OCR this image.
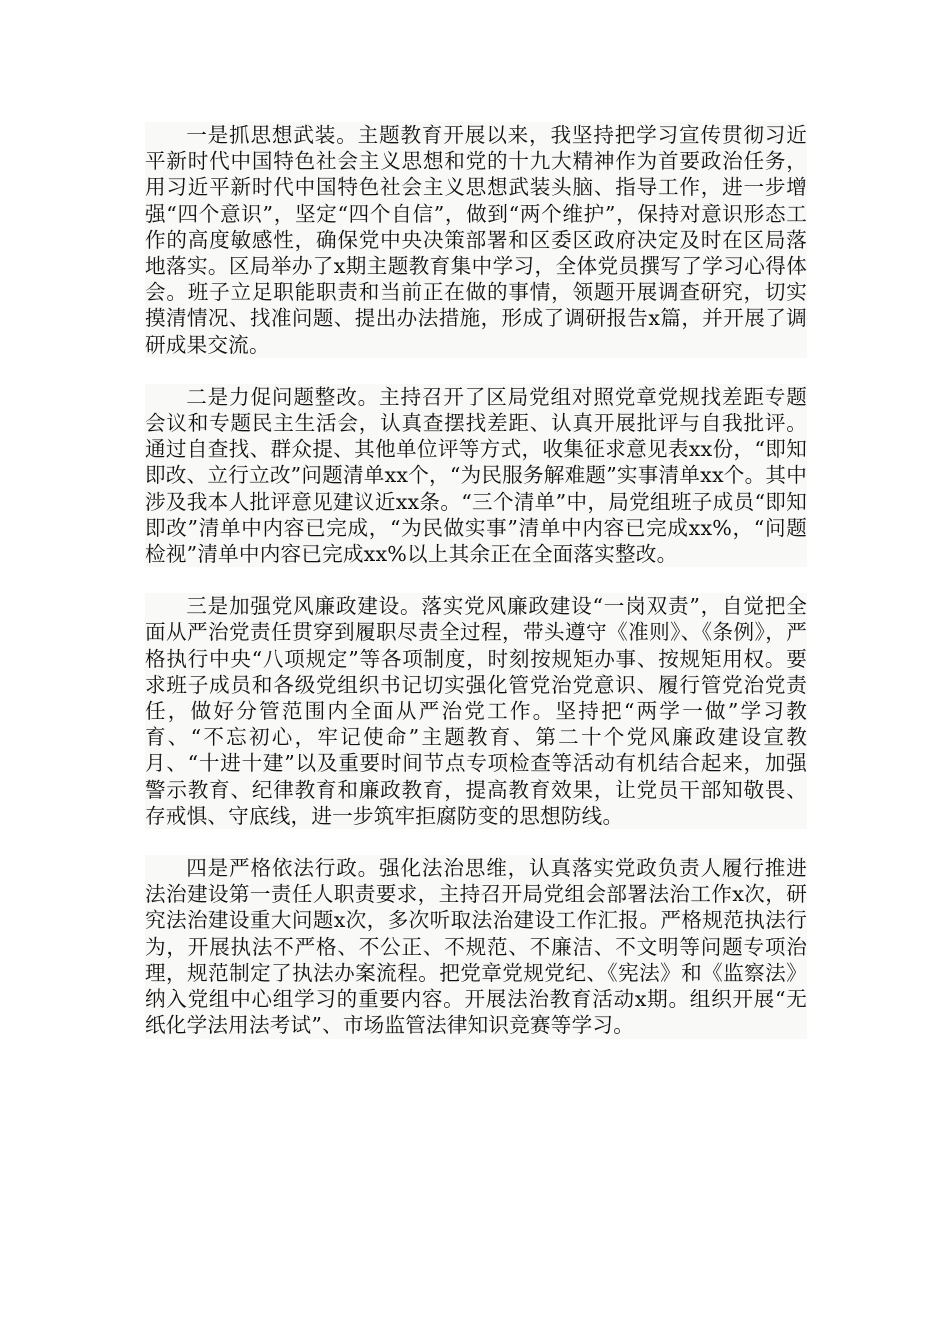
一是抓思想武装。主题教育开展以来，我坚持把学习宣传贯彻习近平新时代中国特色社会主义思想和党的十九大精神作为首要政治任务，用习近平新时代中国特色社会主义思想武装头脑、指导工作，进一步增强“四个意识”，坚定“四个自信”，做到“两个维护”，保持对意识形态工作的高度敏感性，确保党中央决策部署和区委区政府决定及时在区局落地落实。区局举办了x期主题教育集中学习，全体党员撰写了学习心得体会。班子立足职能职责和当前正在做的事情，领题开展调查研究，切实摸清情况、找准问题、提出办法措施，形成了调研报告x篇，并开展了调研成果交流。

二是力促问题整改。主持召开了区局党组对照党章党规找差距专题会议和专题民主生活会，认真查摆找差距、认真开展批评与自我批评。通过自查找、群众提、其他单位评等方式，收集征求意见表xx份，“即知即改、立行立改”问题清单xx个，“为民服务解难题”实事清单xx个。其中涉及我本人批评意见建议近xx条。“三个清单”中，局党组班子成员“即知即改”清单中内容已完成，“为民做实事”清单中内容已完成xx%，“问题检视”清单中内容已完成xx%以上其余正在全面落实整改。

三是加强党风廉政建设。落实党风廉政建设“一岗双责”，自觉把全面从严治党责任贯穿到履职尽责全过程，带头遵守《准则》、《条例》，严格执行中央“八项规定”等各项制度，时刻按规矩办事、按规矩用权。要求班子成员和各级党组织书记切实强化管党治党意识、履行管党治党责任，做好分管范围内全面从严治党工作。坚持把“两学一做”学习教育、“不忘初心，牢记使命”主题教育、第二十个党风廉政建设宣教月、“十进十建”以及重要时间节点专项检查等活动有机结合起来，加强警示教育、纪律教育和廉政教育，提高教育效果，让党员干部知敬畏、存戒惧、守底线，进一步筑牢拒腐防变的思想防线。

四是严格依法行政。强化法治思维，认真落实党政负责人履行推进法治建设第一责任人职责要求，主持召开局党组会部署法治工作x次，研究法治建设重大问题x次，多次听取法治建设工作汇报。严格规范执法行为，开展执法不严格、不公正、不规范、不廉洁、不文明等问题专项治理，规范制定了执法办案流程。把党章党规党纪、《宪法》和《监察法》纳入党组中心组学习的重要内容。开展法治教育活动x期。组织开展“无纸化学法用法考试”、市场监管法律知识竞赛等学习。
